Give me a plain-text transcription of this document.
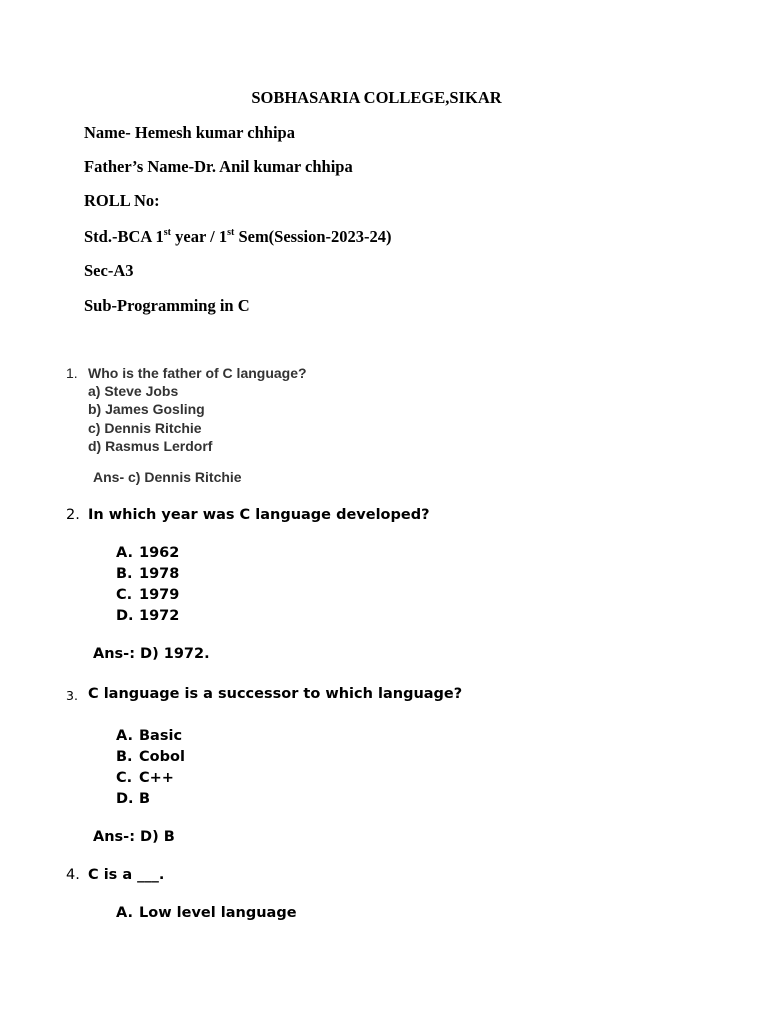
SOBHASARIA COLLEGE,SIKAR
Name- Hemesh kumar chhipa
Father’s Name-Dr. Anil kumar chhipa
ROLL No:
Std.-BCA 1st year / 1st Sem(Session-2023-24)
Sec-A3
Sub-Programming in C
1. Who is the father of C language?
a) Steve Jobs
b) James Gosling
c) Dennis Ritchie
d) Rasmus Lerdorf
Ans- c) Dennis Ritchie
2. In which year was C language developed?
A. 1962
B. 1978
C. 1979
D. 1972
Ans-: D) 1972.
3. C language is a successor to which language?
A. Basic
B. Cobol
C. C++
D. B
Ans-: D) B
4. C is a ___.
A. Low level language
